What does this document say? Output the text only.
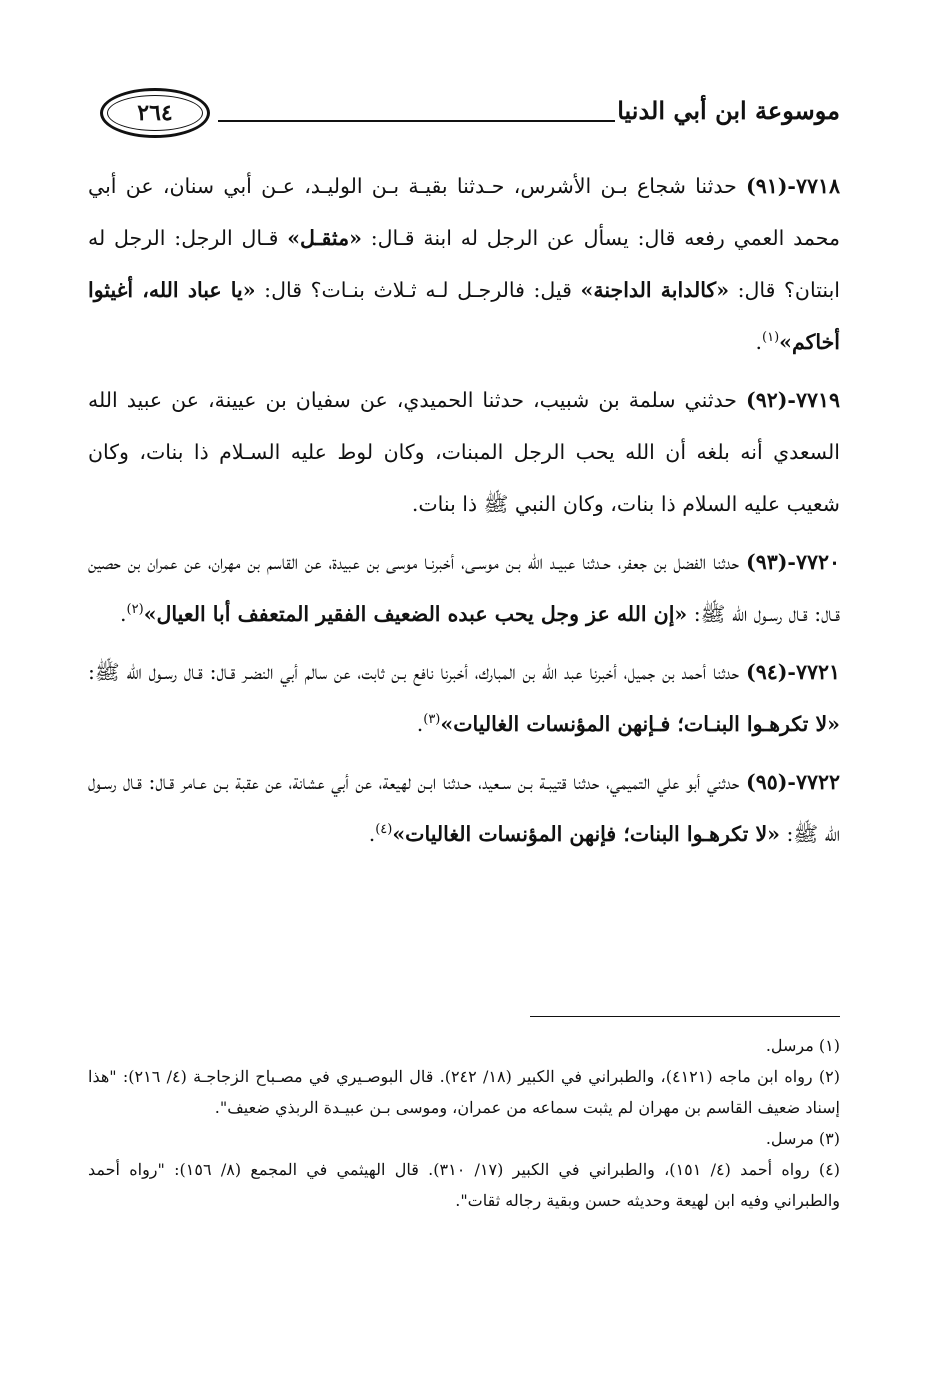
موسوعة ابن أبي الدنيا
٢٦٤

٧٧١٨-(٩١) حدثنا شجاع بـن الأشرس، حـدثنا بقيـة بـن الوليـد، عـن أبي سنان، عن أبي محمد العمي رفعه قال: يسأل عن الرجل له ابنة قـال: «مثقـل» قـال الرجل: الرجل له ابنتان؟ قال: «كالدابة الداجنة» قيل: فالرجـل لـه ثـلاث بنـات؟ قال: «يا عباد الله، أغيثوا أخاكم»$^{(١)}$.

٧٧١٩-(٩٢) حدثني سلمة بن شبيب، حدثنا الحميدي، عن سفيان بن عيينة، عن عبيد الله السعدي أنه بلغه أن الله يحب الرجل المبنات، وكان لوط عليه السـلام ذا بنات، وكان شعيب عليه السلام ذا بنات، وكان النبي ﷺ ذا بنات.

٧٧٢٠-(٩٣) حدثنا الفضل بن جعفر، حـدثنا عبيـد الله بـن موسـى، أخبرنـا موسى بن عبيدة، عن القاسم بن مهران، عن عمران بن حصين قـال: قـال رسـول الله ﷺ: «إن الله عز وجل يحب عبده الضعيف الفقير المتعفف أبا العيال»$^{(٢)}$.

٧٧٢١-(٩٤) حدثنا أحمد بن جميل، أخبرنا عبد الله بن المبارك، أخبرنا نافع بـن ثابت، عن سالم أبي النضـر قـال: قـال رسـول الله ﷺ: «لا تكرهـوا البنـات؛ فـإنهن المؤنسات الغاليات»$^{(٣)}$.

٧٧٢٢-(٩٥) حدثني أبو علي التميمي، حدثنا قتيبـة بـن سـعيد، حـدثنا ابـن لهيعة، عن أبي عشانة، عن عقبة بـن عـامر قـال: قـال رسـول الله ﷺ: «لا تكرهـوا البنات؛ فإنهن المؤنسات الغاليات»$^{(٤)}$.

(١) مرسل.

(٢) رواه ابن ماجه (٤١٢١)، والطبراني في الكبير (١٨/ ٢٤٢). قال البوصـيري في مصـباح الزجاجـة (٤/ ٢١٦): "هذا إسناد ضعيف القاسم بن مهران لم يثبت سماعه من عمران، وموسى بـن عبيـدة الربذي ضعيف".

(٣) مرسل.

(٤) رواه أحمد (٤/ ١٥١)، والطبراني في الكبير (١٧/ ٣١٠). قال الهيثمي في المجمع (٨/ ١٥٦): "رواه أحمد والطبراني وفيه ابن لهيعة وحديثه حسن وبقية رجاله ثقات".
